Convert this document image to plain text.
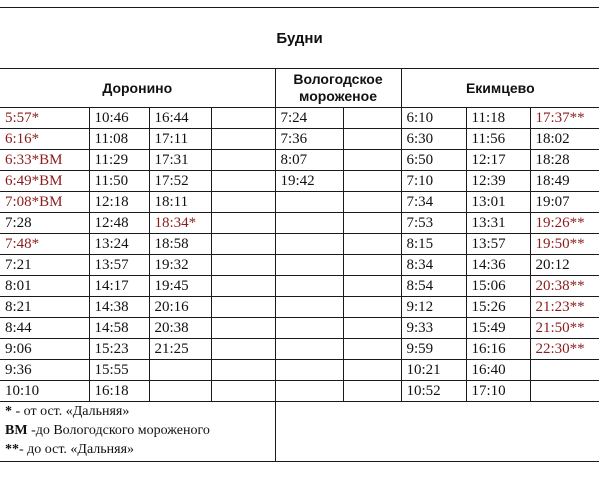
Будни								
Доронино				Вологодское мороженое		Екимцево		
5:57*	10:46	16:44		7:24		6:10	11:18	17:37**
6:16*	11:08	17:11		7:36		6:30	11:56	18:02
6:33*ВМ	11:29	17:31		8:07		6:50	12:17	18:28
6:49*ВМ	11:50	17:52		19:42		7:10	12:39	18:49
7:08*ВМ	12:18	18:11				7:34	13:01	19:07
7:28	12:48	18:34*				7:53	13:31	19:26**
7:48*	13:24	18:58				8:15	13:57	19:50**
7:21	13:57	19:32				8:34	14:36	20:12
8:01	14:17	19:45				8:54	15:06	20:38**
8:21	14:38	20:16				9:12	15:26	21:23**
8:44	14:58	20:38				9:33	15:49	21:50**
9:06	15:23	21:25				9:59	16:16	22:30**
9:36	15:55					10:21	16:40	
10:10	16:18					10:52	17:10	

* - от ост. «Дальняя»
ВМ -до Вологодского мороженого
**- до ост. «Дальняя»								
